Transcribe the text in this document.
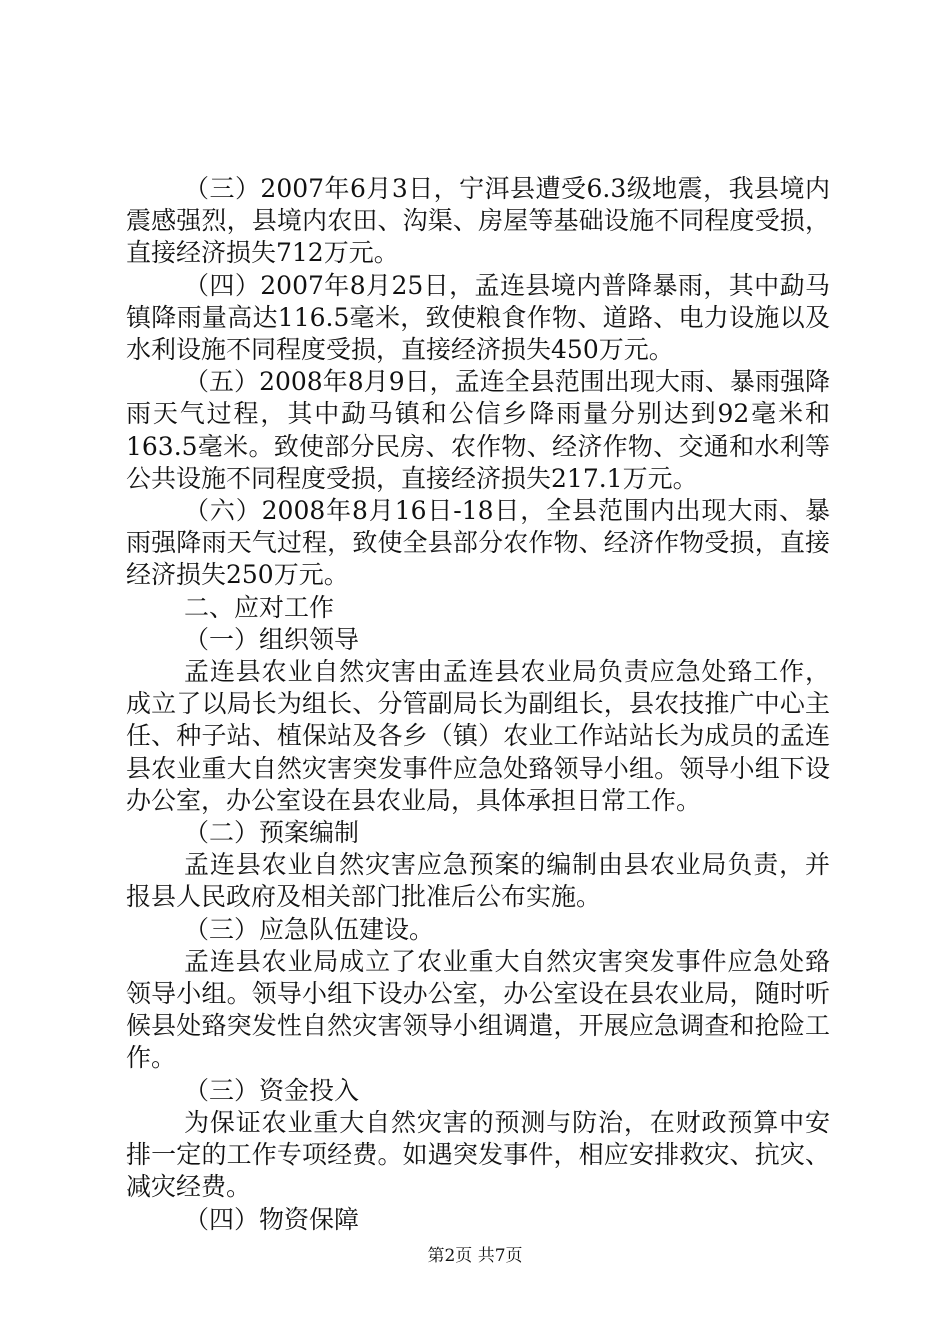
（三）2007年6月3日，宁洱县遭受6.3级地震，我县境内震感强烈，县境内农田、沟渠、房屋等基础设施不同程度受损，直接经济损失712万元。

（四）2007年8月25日，孟连县境内普降暴雨，其中勐马镇降雨量高达116.5毫米，致使粮食作物、道路、电力设施以及水利设施不同程度受损，直接经济损失450万元。

（五）2008年8月9日，孟连全县范围出现大雨、暴雨强降雨天气过程，其中勐马镇和公信乡降雨量分别达到92毫米和163.5毫米。致使部分民房、农作物、经济作物、交通和水利等公共设施不同程度受损，直接经济损失217.1万元。

（六）2008年8月16日-18日，全县范围内出现大雨、暴雨强降雨天气过程，致使全县部分农作物、经济作物受损，直接经济损失250万元。

二、应对工作

（一）组织领导

孟连县农业自然灾害由孟连县农业局负责应急处臵工作，成立了以局长为组长、分管副局长为副组长，县农技推广中心主任、种子站、植保站及各乡（镇）农业工作站站长为成员的孟连县农业重大自然灾害突发事件应急处臵领导小组。领导小组下设办公室，办公室设在县农业局，具体承担日常工作。

（二）预案编制

孟连县农业自然灾害应急预案的编制由县农业局负责，并报县人民政府及相关部门批准后公布实施。

（三）应急队伍建设。

孟连县农业局成立了农业重大自然灾害突发事件应急处臵领导小组。领导小组下设办公室，办公室设在县农业局，随时听候县处臵突发性自然灾害领导小组调遣，开展应急调查和抢险工作。

（三）资金投入

为保证农业重大自然灾害的预测与防治，在财政预算中安排一定的工作专项经费。如遇突发事件，相应安排救灾、抗灾、减灾经费。

（四）物资保障

第2页 共7页
